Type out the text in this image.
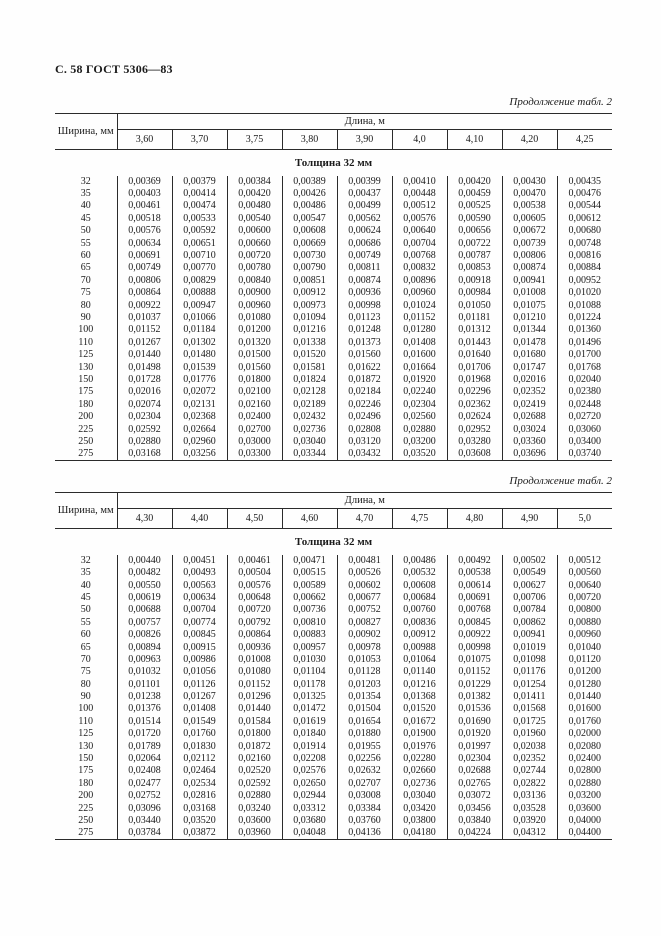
С. 58 ГОСТ 5306—83
Продолжение табл. 2
Ширина, мм	Длина, м								
	3,60	3,70	3,75	3,80	3,90	4,0	4,10	4,20	4,25
Толщина 32 мм									
32	0,00369	0,00379	0,00384	0,00389	0,00399	0,00410	0,00420	0,00430	0,00435
35	0,00403	0,00414	0,00420	0,00426	0,00437	0,00448	0,00459	0,00470	0,00476
40	0,00461	0,00474	0,00480	0,00486	0,00499	0,00512	0,00525	0,00538	0,00544
45	0,00518	0,00533	0,00540	0,00547	0,00562	0,00576	0,00590	0,00605	0,00612
50	0,00576	0,00592	0,00600	0,00608	0,00624	0,00640	0,00656	0,00672	0,00680
55	0,00634	0,00651	0,00660	0,00669	0,00686	0,00704	0,00722	0,00739	0,00748
60	0,00691	0,00710	0,00720	0,00730	0,00749	0,00768	0,00787	0,00806	0,00816
65	0,00749	0,00770	0,00780	0,00790	0,00811	0,00832	0,00853	0,00874	0,00884
70	0,00806	0,00829	0,00840	0,00851	0,00874	0,00896	0,00918	0,00941	0,00952
75	0,00864	0,00888	0,00900	0,00912	0,00936	0,00960	0,00984	0,01008	0,01020
80	0,00922	0,00947	0,00960	0,00973	0,00998	0,01024	0,01050	0,01075	0,01088
90	0,01037	0,01066	0,01080	0,01094	0,01123	0,01152	0,01181	0,01210	0,01224
100	0,01152	0,01184	0,01200	0,01216	0,01248	0,01280	0,01312	0,01344	0,01360
110	0,01267	0,01302	0,01320	0,01338	0,01373	0,01408	0,01443	0,01478	0,01496
125	0,01440	0,01480	0,01500	0,01520	0,01560	0,01600	0,01640	0,01680	0,01700
130	0,01498	0,01539	0,01560	0,01581	0,01622	0,01664	0,01706	0,01747	0,01768
150	0,01728	0,01776	0,01800	0,01824	0,01872	0,01920	0,01968	0,02016	0,02040
175	0,02016	0,02072	0,02100	0,02128	0,02184	0,02240	0,02296	0,02352	0,02380
180	0,02074	0,02131	0,02160	0,02189	0,02246	0,02304	0,02362	0,02419	0,02448
200	0,02304	0,02368	0,02400	0,02432	0,02496	0,02560	0,02624	0,02688	0,02720
225	0,02592	0,02664	0,02700	0,02736	0,02808	0,02880	0,02952	0,03024	0,03060
250	0,02880	0,02960	0,03000	0,03040	0,03120	0,03200	0,03280	0,03360	0,03400
275	0,03168	0,03256	0,03300	0,03344	0,03432	0,03520	0,03608	0,03696	0,03740
Продолжение табл. 2
Ширина, мм	Длина, м								
	4,30	4,40	4,50	4,60	4,70	4,75	4,80	4,90	5,0
Толщина 32 мм									
32	0,00440	0,00451	0,00461	0,00471	0,00481	0,00486	0,00492	0,00502	0,00512
35	0,00482	0,00493	0,00504	0,00515	0,00526	0,00532	0,00538	0,00549	0,00560
40	0,00550	0,00563	0,00576	0,00589	0,00602	0,00608	0,00614	0,00627	0,00640
45	0,00619	0,00634	0,00648	0,00662	0,00677	0,00684	0,00691	0,00706	0,00720
50	0,00688	0,00704	0,00720	0,00736	0,00752	0,00760	0,00768	0,00784	0,00800
55	0,00757	0,00774	0,00792	0,00810	0,00827	0,00836	0,00845	0,00862	0,00880
60	0,00826	0,00845	0,00864	0,00883	0,00902	0,00912	0,00922	0,00941	0,00960
65	0,00894	0,00915	0,00936	0,00957	0,00978	0,00988	0,00998	0,01019	0,01040
70	0,00963	0,00986	0,01008	0,01030	0,01053	0,01064	0,01075	0,01098	0,01120
75	0,01032	0,01056	0,01080	0,01104	0,01128	0,01140	0,01152	0,01176	0,01200
80	0,01101	0,01126	0,01152	0,01178	0,01203	0,01216	0,01229	0,01254	0,01280
90	0,01238	0,01267	0,01296	0,01325	0,01354	0,01368	0,01382	0,01411	0,01440
100	0,01376	0,01408	0,01440	0,01472	0,01504	0,01520	0,01536	0,01568	0,01600
110	0,01514	0,01549	0,01584	0,01619	0,01654	0,01672	0,01690	0,01725	0,01760
125	0,01720	0,01760	0,01800	0,01840	0,01880	0,01900	0,01920	0,01960	0,02000
130	0,01789	0,01830	0,01872	0,01914	0,01955	0,01976	0,01997	0,02038	0,02080
150	0,02064	0,02112	0,02160	0,02208	0,02256	0,02280	0,02304	0,02352	0,02400
175	0,02408	0,02464	0,02520	0,02576	0,02632	0,02660	0,02688	0,02744	0,02800
180	0,02477	0,02534	0,02592	0,02650	0,02707	0,02736	0,02765	0,02822	0,02880
200	0,02752	0,02816	0,02880	0,02944	0,03008	0,03040	0,03072	0,03136	0,03200
225	0,03096	0,03168	0,03240	0,03312	0,03384	0,03420	0,03456	0,03528	0,03600
250	0,03440	0,03520	0,03600	0,03680	0,03760	0,03800	0,03840	0,03920	0,04000
275	0,03784	0,03872	0,03960	0,04048	0,04136	0,04180	0,04224	0,04312	0,04400
